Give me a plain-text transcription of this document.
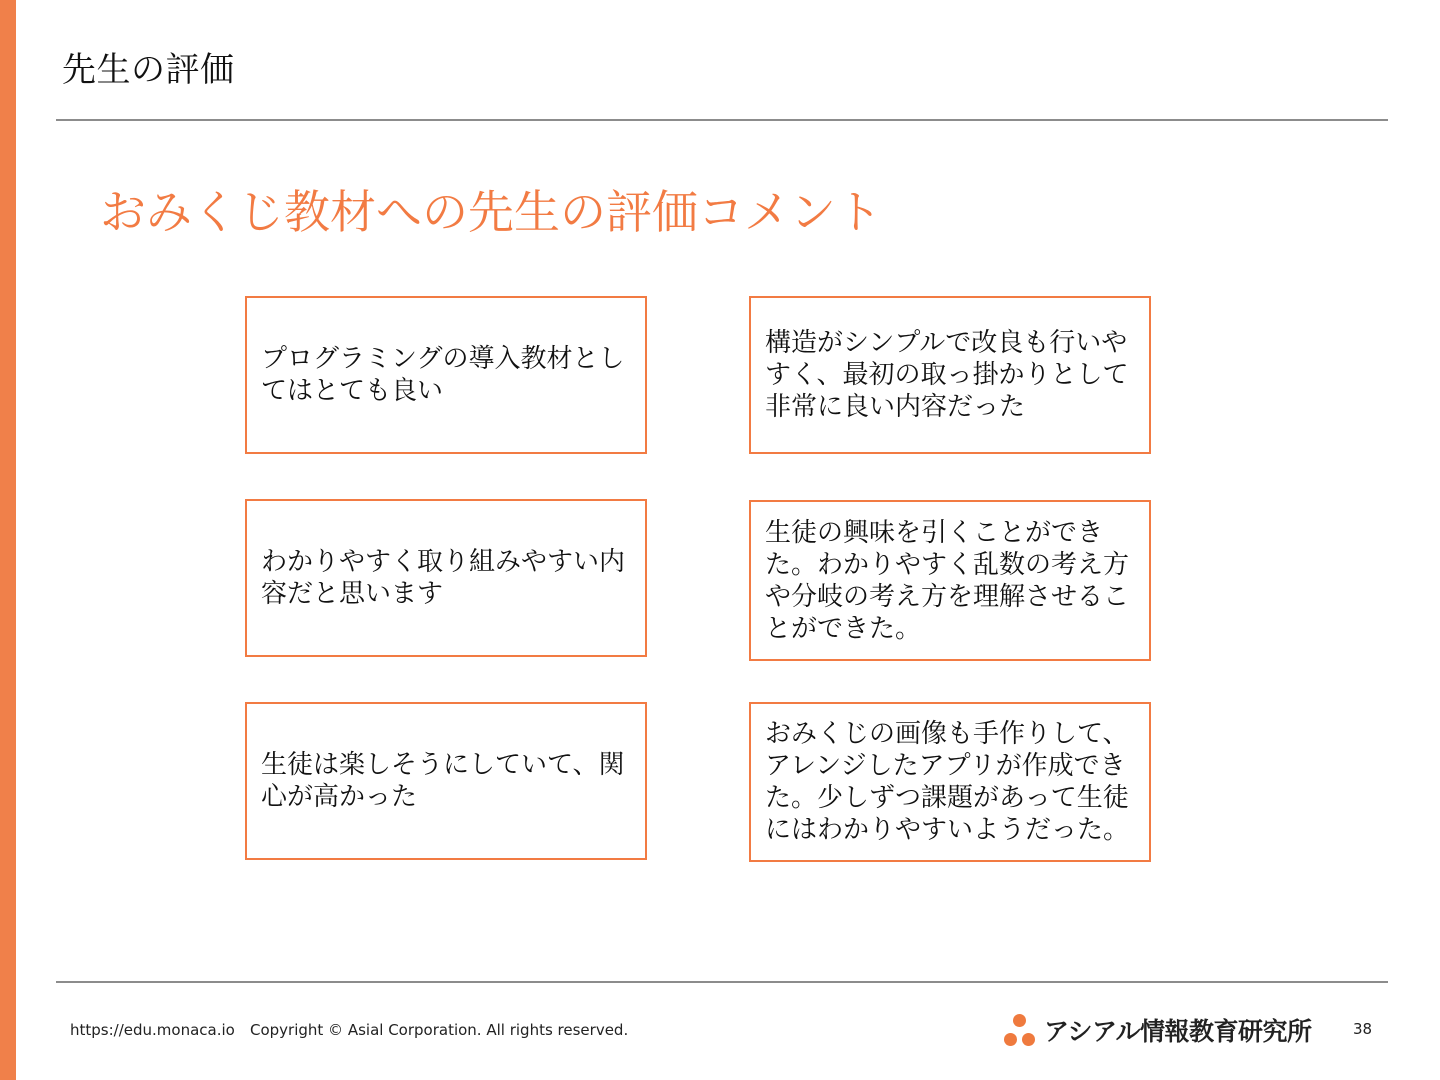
先生の評価
おみくじ教材への先生の評価コメント
プログラミングの導入教材としてはとても良い
構造がシンプルで改良も行いやすく、最初の取っ掛かりとして非常に良い内容だった
わかりやすく取り組みやすい内容だと思います
生徒の興味を引くことができた。わかりやすく乱数の考え方や分岐の考え方を理解させることができた。
生徒は楽しそうにしていて、関心が高かった
おみくじの画像も手作りして、アレンジしたアプリが作成できた。少しずつ課題があって生徒にはわかりやすいようだった。
https://edu.monaca.io Copyright © Asial Corporation. All rights reserved.	アシアル情報教育研究所	38
